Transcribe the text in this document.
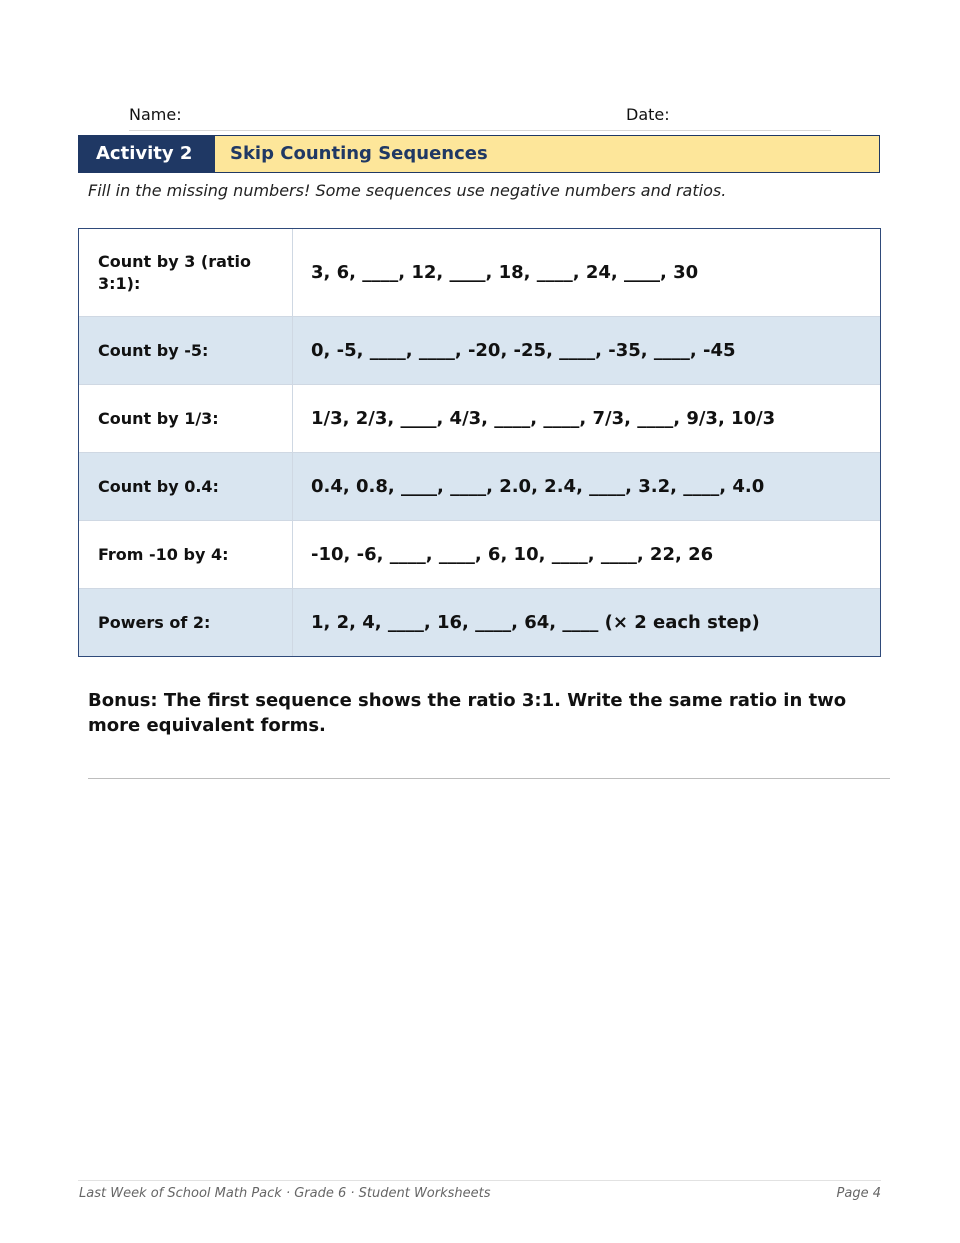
Name:	Date:
Activity 2	Skip Counting Sequences
Fill in the missing numbers! Some sequences use negative numbers and ratios.
Count by 3 (ratio 3:1):	3, 6, ____, 12, ____, 18, ____, 24, ____, 30
Count by -5:	0, -5, ____, ____, -20, -25, ____, -35, ____, -45
Count by 1/3:	1/3, 2/3, ____, 4/3, ____, ____, 7/3, ____, 9/3, 10/3
Count by 0.4:	0.4, 0.8, ____, ____, 2.0, 2.4, ____, 3.2, ____, 4.0
From -10 by 4:	-10, -6, ____, ____, 6, 10, ____, ____, 22, 26
Powers of 2:	1, 2, 4, ____, 16, ____, 64, ____ (× 2 each step)
Bonus: The first sequence shows the ratio 3:1. Write the same ratio in two more equivalent forms.
Last Week of School Math Pack · Grade 6 · Student Worksheets	Page 4
